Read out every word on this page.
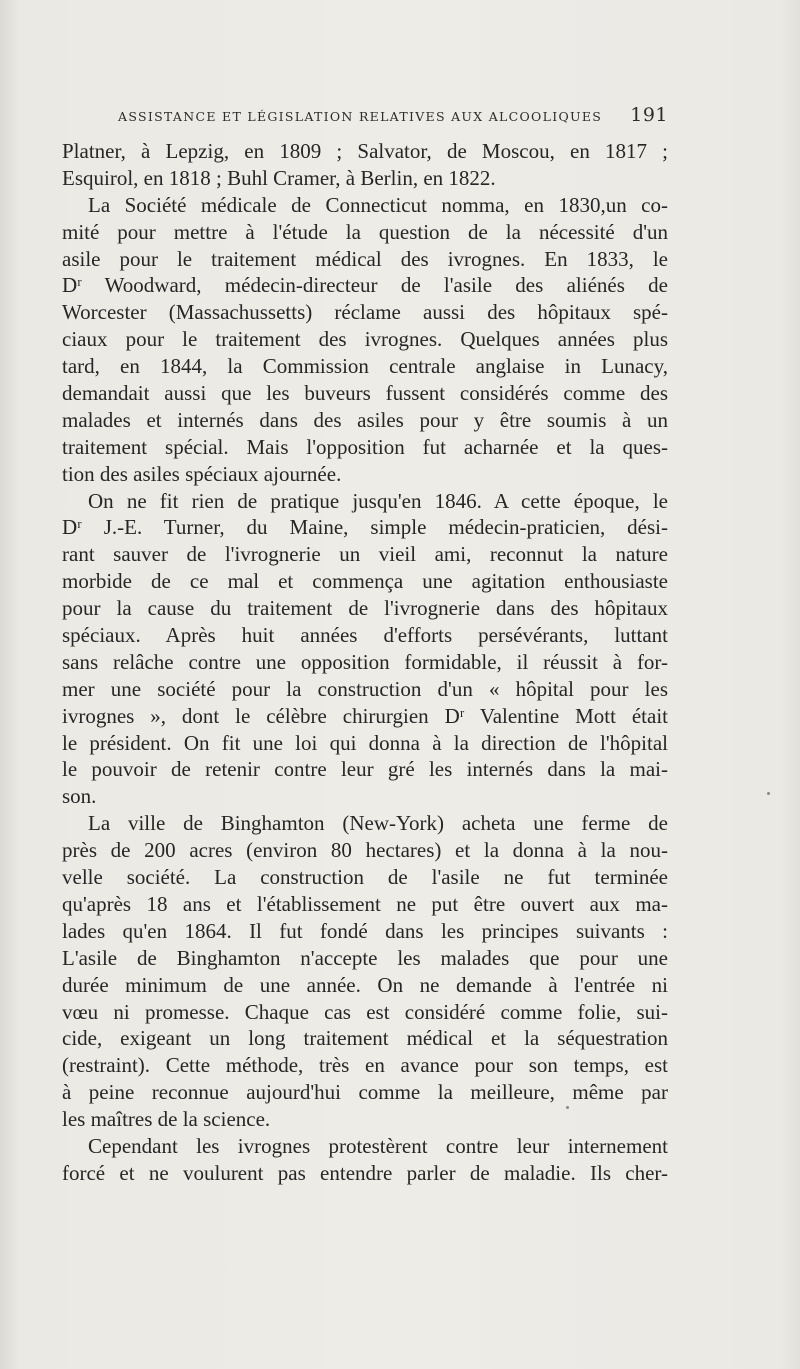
ASSISTANCE ET LÉGISLATION RELATIVES AUX ALCOOLIQUES 191
Platner, à Lepzig, en 1809 ; Salvator, de Moscou, en 1817 ;
Esquirol, en 1818 ; Buhl Cramer, à Berlin, en 1822.
La Société médicale de Connecticut nomma, en 1830,un co-
mité pour mettre à l'étude la question de la nécessité d'un
asile pour le traitement médical des ivrognes. En 1833, le
Dʳ Woodward, médecin-directeur de l'asile des aliénés de
Worcester (Massachussetts) réclame aussi des hôpitaux spé-
ciaux pour le traitement des ivrognes. Quelques années plus
tard, en 1844, la Commission centrale anglaise in Lunacy,
demandait aussi que les buveurs fussent considérés comme des
malades et internés dans des asiles pour y être soumis à un
traitement spécial. Mais l'opposition fut acharnée et la ques-
tion des asiles spéciaux ajournée.
On ne fit rien de pratique jusqu'en 1846. A cette époque, le
Dʳ J.-E. Turner, du Maine, simple médecin-praticien, dési-
rant sauver de l'ivrognerie un vieil ami, reconnut la nature
morbide de ce mal et commença une agitation enthousiaste
pour la cause du traitement de l'ivrognerie dans des hôpitaux
spéciaux. Après huit années d'efforts persévérants, luttant
sans relâche contre une opposition formidable, il réussit à for-
mer une société pour la construction d'un « hôpital pour les
ivrognes », dont le célèbre chirurgien Dʳ Valentine Mott était
le président. On fit une loi qui donna à la direction de l'hôpital
le pouvoir de retenir contre leur gré les internés dans la mai-
son.
La ville de Binghamton (New-York) acheta une ferme de
près de 200 acres (environ 80 hectares) et la donna à la nou-
velle société. La construction de l'asile ne fut terminée
qu'après 18 ans et l'établissement ne put être ouvert aux ma-
lades qu'en 1864. Il fut fondé dans les principes suivants :
L'asile de Binghamton n'accepte les malades que pour une
durée minimum de une année. On ne demande à l'entrée ni
vœu ni promesse. Chaque cas est considéré comme folie, sui-
cide, exigeant un long traitement médical et la séquestration
(restraint). Cette méthode, très en avance pour son temps, est
à peine reconnue aujourd'hui comme la meilleure, même par
les maîtres de la science.
Cependant les ivrognes protestèrent contre leur internement
forcé et ne voulurent pas entendre parler de maladie. Ils cher-
